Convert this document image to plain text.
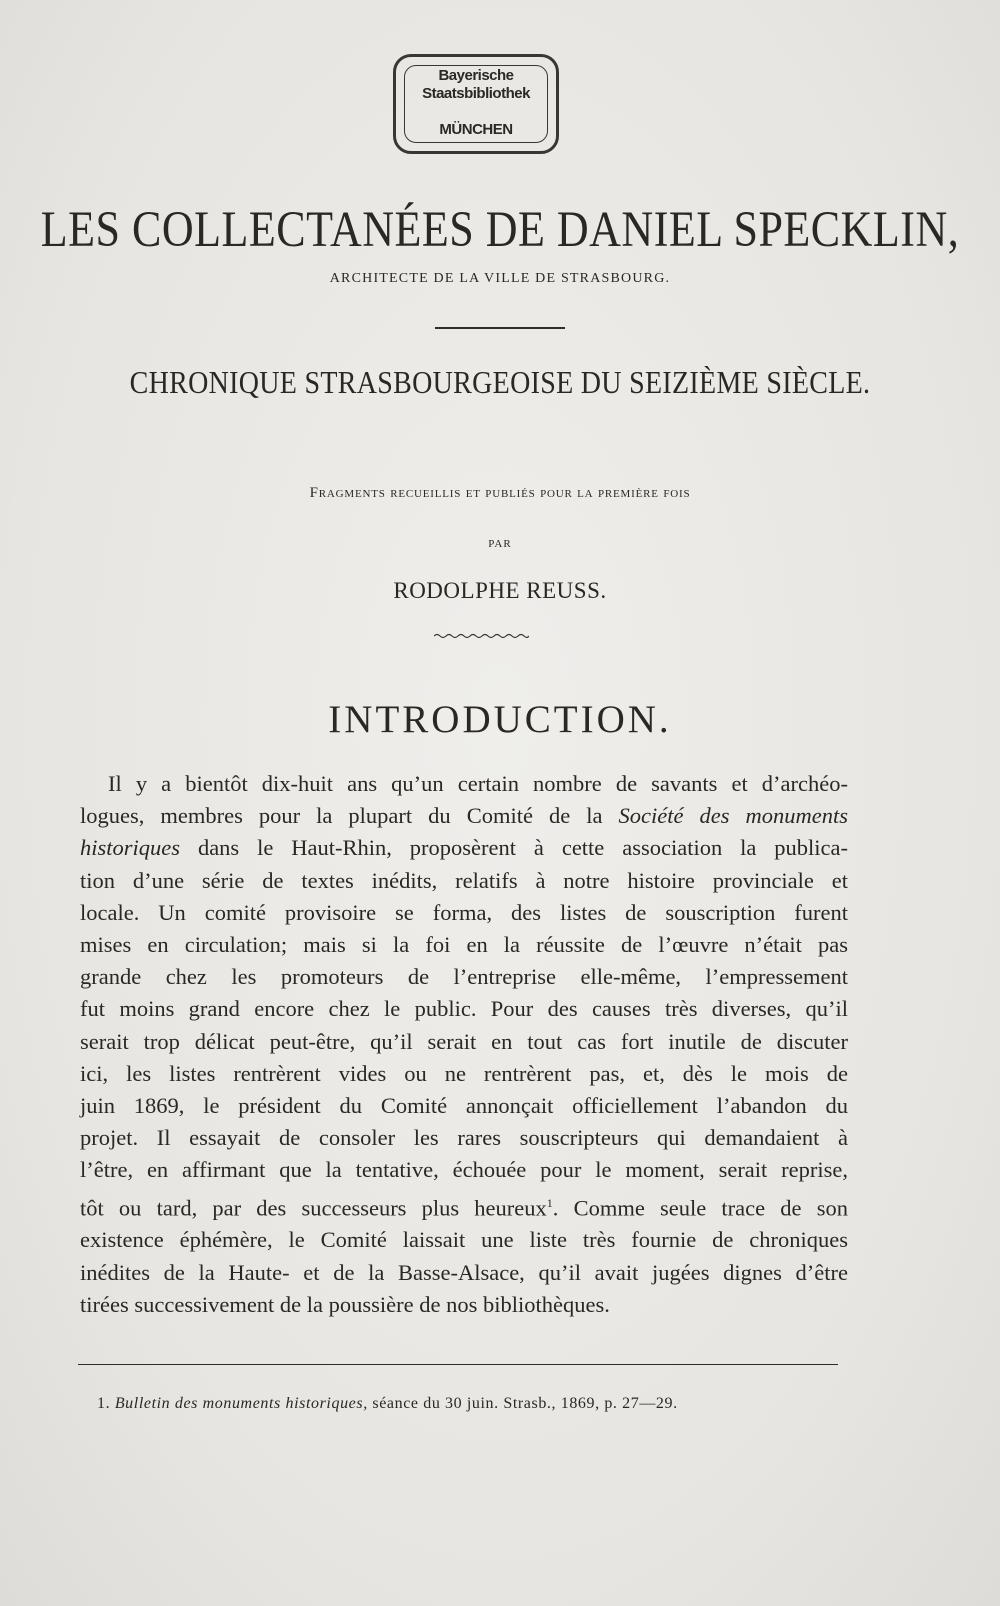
Bayerische
Staatsbibliothek
MÜNCHEN
LES COLLECTANÉES DE DANIEL SPECKLIN,
ARCHITECTE DE LA VILLE DE STRASBOURG.
CHRONIQUE STRASBOURGEOISE DU SEIZIÈME SIÈCLE.
Fragments recueillis et publiés pour la première fois
PAR
RODOLPHE REUSS.
INTRODUCTION.
Il y a bientôt dix-huit ans qu’un certain nombre de savants et d’archéo-
logues, membres pour la plupart du Comité de la Société des monuments
historiques dans le Haut-Rhin, proposèrent à cette association la publica-
tion d’une série de textes inédits, relatifs à notre histoire provinciale et
locale. Un comité provisoire se forma, des listes de souscription furent
mises en circulation; mais si la foi en la réussite de l’œuvre n’était pas
grande chez les promoteurs de l’entreprise elle-même, l’empressement
fut moins grand encore chez le public. Pour des causes très diverses, qu’il
serait trop délicat peut-être, qu’il serait en tout cas fort inutile de discuter
ici, les listes rentrèrent vides ou ne rentrèrent pas, et, dès le mois de
juin 1869, le président du Comité annonçait officiellement l’abandon du
projet. Il essayait de consoler les rares souscripteurs qui demandaient à
l’être, en affirmant que la tentative, échouée pour le moment, serait reprise,
tôt ou tard, par des successeurs plus heureux$^1$. Comme seule trace de son
existence éphémère, le Comité laissait une liste très fournie de chroniques
inédites de la Haute- et de la Basse-Alsace, qu’il avait jugées dignes d’être
tirées successivement de la poussière de nos bibliothèques.
1. Bulletin des monuments historiques, séance du 30 juin. Strasb., 1869, p. 27—29.
